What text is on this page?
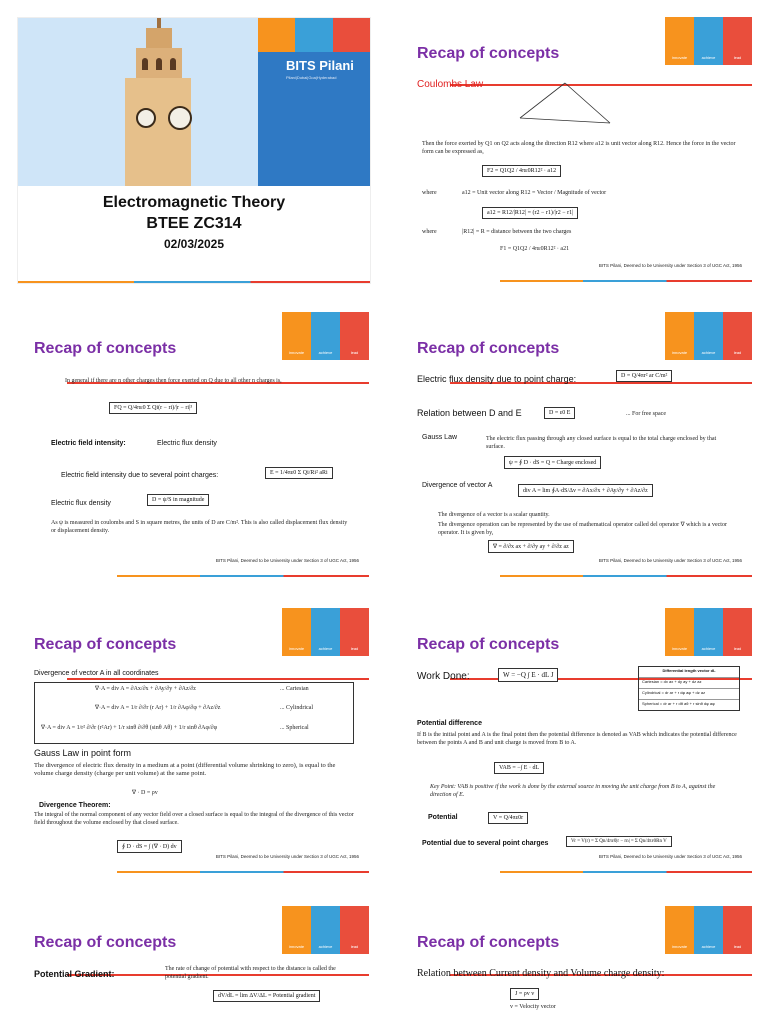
BITS Pilani
Pilani|Dubai|Goa|Hyderabad
Electromagnetic Theory
BTEE ZC314
02/03/2025
Recap of concepts	innovate	achieve	lead
Coulombs Law
Then the force exerted by Q1 on Q2 acts along the direction R12 where a12 is unit vector along R12. Hence the force in the vector form can be expressed as,
F2 = Q1Q2 / 4πε0R12² · a12
where	a12 = Unit vector along R12 = Vector / Magnitude of vector
a12 = R12/|R12| = (r2 − r1)/|r2 − r1|
where	|R12| = R = distance between the two charges
F1 = Q1Q2 / 4πε0R12² · a21
BITS Pilani, Deemed to be University under Section 3 of UGC Act, 1956
Recap of concepts	innovate	achieve	lead
In general if there are n other charges then force exerted on Q due to all other n charges is,
FQ = Q/4πε0 Σ Qi(r − ri)/|r − ri|³
Electric field intensity:	Electric flux density
Electric field intensity due to several point charges:	E = 1/4πε0 Σ Qi/Ri² aRi
Electric flux density	D = ψ/S in magnitude
As ψ is measured in coulombs and S in square metres, the units of D are C/m². This is also called displacement flux density or displacement density.
BITS Pilani, Deemed to be University under Section 3 of UGC Act, 1956
Recap of concepts	innovate	achieve	lead
Electric flux density due to point charge:	D = Q/4πr² ar C/m²
Relation between D and E	D = ε0 E	... For free space
Gauss Law	The electric flux passing through any closed surface is equal to the total charge enclosed by that surface.
ψ = ∮ D · dS = Q = Charge enclosed
Divergence of vector A
div A = lim ∮A·dS/Δv = ∂Ax/∂x + ∂Ay/∂y + ∂Az/∂z
The divergence of a vector is a scalar quantity.
The divergence operation can be represented by the use of mathematical operator called del operator ∇ which is a vector operator. It is given by,
∇ = ∂/∂x ax + ∂/∂y ay + ∂/∂z az
BITS Pilani, Deemed to be University under Section 3 of UGC Act, 1956
Recap of concepts	innovate	achieve	lead
Divergence of vector A in all coordinates
∇·A = div A = ∂Ax/∂x + ∂Ay/∂y + ∂Az/∂z	... Cartesian
∇·A = div A = 1/r ∂/∂r (r Ar) + 1/r ∂Aφ/∂φ + ∂Az/∂z	... Cylindrical
∇·A = div A = 1/r² ∂/∂r (r²Ar) + 1/r sinθ ∂/∂θ (sinθ Aθ) + 1/r sinθ ∂Aφ/∂φ	... Spherical
Gauss Law in point form
The divergence of electric flux density in a medium at a point (differential volume shrinking to zero), is equal to the volume charge density (charge per unit volume) at the same point.
∇ · D = ρv
Divergence Theorem:
The integral of the normal component of any vector field over a closed surface is equal to the integral of the divergence of this vector field throughout the volume enclosed by that closed surface.
∮ D · dS = ∫ (∇ · D) dv
BITS Pilani, Deemed to be University under Section 3 of UGC Act, 1956
Recap of concepts	innovate	achieve	lead
Work Done:	W = −Q ∫ E · dL J
Differential length vector dL
Cartesian = dx ax + dy ay + dz az
Cylindrical = dr ar + r dφ aφ + dz az
Spherical = dr ar + r dθ aθ + r sinθ dφ aφ
Potential difference
If B is the initial point and A is the final point then the potential difference is denoted as VAB which indicates the potential difference between the points A and B and unit charge is moved from B to A.
VAB = −∫ E · dL
Key Point: VAB is positive if the work is done by the external source in moving the unit charge from B to A, against the direction of E.
Potential	V = Q/4πε0r
Potential due to several point charges	Vr = V(r) = Σ Qn/4πε0|r − rn| = Σ Qn/4πε0Rn V
BITS Pilani, Deemed to be University under Section 3 of UGC Act, 1956
Recap of concepts	innovate	achieve	lead
Potential Gradient:	The rate of change of potential with respect to the distance is called the potential gradient.
dV/dL = lim ΔV/ΔL = Potential gradient
Recap of concepts	innovate	achieve	lead
Relation between Current density and Volume charge density:
J = ρv v
v = Velocity vector
